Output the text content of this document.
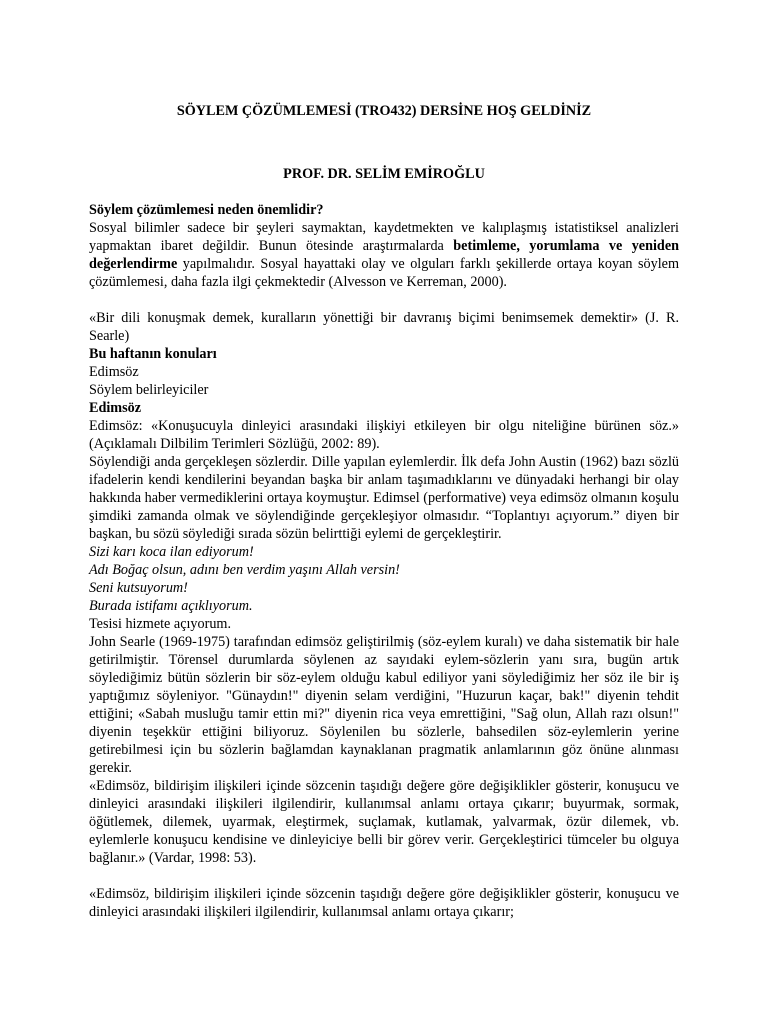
SÖYLEM ÇÖZÜMLEMESİ (TRO432) DERSİNE HOŞ GELDİNİZ
PROF. DR. SELİM EMİROĞLU
Söylem çözümlemesi neden önemlidir?

Sosyal bilimler sadece bir şeyleri saymaktan, kaydetmekten ve kalıplaşmış istatistiksel analizleri yapmaktan ibaret değildir. Bunun ötesinde araştırmalarda betimleme, yorumlama ve yeniden değerlendirme yapılmalıdır. Sosyal hayattaki olay ve olguları farklı şekillerde ortaya koyan söylem çözümlemesi, daha fazla ilgi çekmektedir (Alvesson ve Kerreman, 2000).

«Bir dili konuşmak demek, kuralların yönettiği bir davranış biçimi benimsemek demektir» (J. R. Searle)

Bu haftanın konuları
Edimsöz
Söylem belirleyiciler
Edimsöz

Edimsöz: «Konuşucuyla dinleyici arasındaki ilişkiyi etkileyen bir olgu niteliğine bürünen söz.» (Açıklamalı Dilbilim Terimleri Sözlüğü, 2002: 89).

Söylendiği anda gerçekleşen sözlerdir. Dille yapılan eylemlerdir. İlk defa John Austin (1962) bazı sözlü ifadelerin kendi kendilerini beyandan başka bir anlam taşımadıklarını ve dünyadaki herhangi bir olay hakkında haber vermediklerini ortaya koymuştur. Edimsel (performative) veya edimsöz olmanın koşulu şimdiki zamanda olmak ve söylendiğinde gerçekleşiyor olmasıdır. “Toplantıyı açıyorum.” diyen bir başkan, bu sözü söylediği sırada sözün belirttiği eylemi de gerçekleştirir.

Sizi karı koca ilan ediyorum!
Adı Boğaç olsun, adını ben verdim yaşını Allah versin!
Seni kutsuyorum!
Burada istifamı açıklıyorum.
Tesisi hizmete açıyorum.

John Searle (1969-1975) tarafından edimsöz geliştirilmiş (söz-eylem kuralı) ve daha sistematik bir hale getirilmiştir. Törensel durumlarda söylenen az sayıdaki eylem-sözlerin yanı sıra, bugün artık söylediğimiz bütün sözlerin bir söz-eylem olduğu kabul ediliyor yani söylediğimiz her söz ile bir iş yaptığımız söyleniyor. "Günaydın!" diyenin selam verdiğini, "Huzurun kaçar, bak!" diyenin tehdit ettiğini; «Sabah musluğu tamir ettin mi?" diyenin rica veya emrettiğini, "Sağ olun, Allah razı olsun!" diyenin teşekkür ettiğini biliyoruz. Söylenilen bu sözlerle, bahsedilen söz-eylemlerin yerine getirebilmesi için bu sözlerin bağlamdan kaynaklanan pragmatik anlamlarının göz önüne alınması gerekir.

«Edimsöz, bildirişim ilişkileri içinde sözcenin taşıdığı değere göre değişiklikler gösterir, konuşucu ve dinleyici arasındaki ilişkileri ilgilendirir, kullanımsal anlamı ortaya çıkarır; buyurmak, sormak, öğütlemek, dilemek, uyarmak, eleştirmek, suçlamak, kutlamak, yalvarmak, özür dilemek, vb. eylemlerle konuşucu kendisine ve dinleyiciye belli bir görev verir. Gerçekleştirici tümceler bu olguya bağlanır.» (Vardar, 1998: 53).

«Edimsöz, bildirişim ilişkileri içinde sözcenin taşıdığı değere göre değişiklikler gösterir, konuşucu ve dinleyici arasındaki ilişkileri ilgilendirir, kullanımsal anlamı ortaya çıkarır;
